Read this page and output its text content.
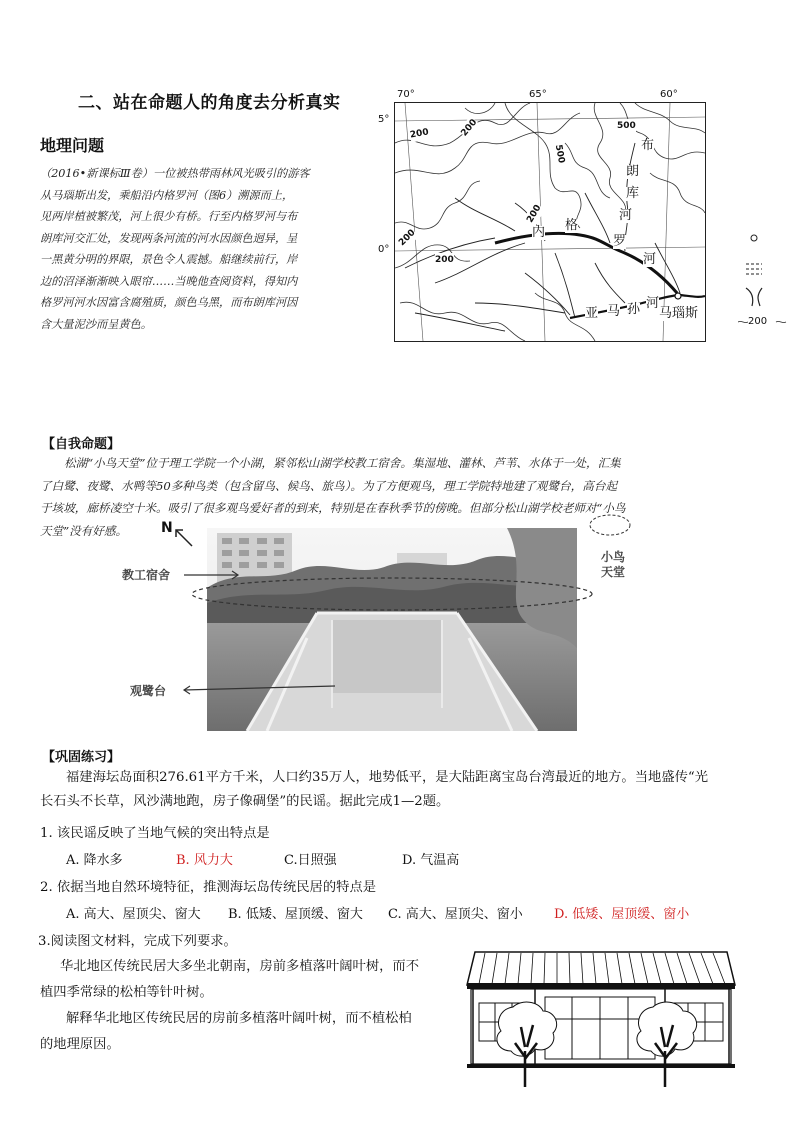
二、站在命题人的角度去分析真实
地理问题
（2016•新课标Ⅲ卷）一位被热带雨林风光吸引的游客
从马瑙斯出发，乘船沿内格罗河（图6）溯源而上，
见两岸植被繁茂，河上很少有桥。行至内格罗河与布
朗库河交汇处，发现两条河流的河水因颜色迥异，呈
一黑黄分明的界限，景色令人震撼。船继续前行，岸
边的沼泽渐渐映入眼帘……当晚他查阅资料，得知内
格罗河河水因富含腐殖质，颜色乌黑，而布朗库河因
含大量泥沙而呈黄色。
70°	65°	60°
5°
0°
200	200	500
500
200
200
200
布
朗
库
河
内 格
罗
河
亚 马 孙 河
马瑙斯
200
【自我命题】
松湖“小鸟天堂”位于理工学院一个小湖，紧邻松山湖学校教工宿舍。集湿地、灌林、芦苇、水体于一处，汇集
了白鹭、夜鹭、水鸭等50多种鸟类（包含留鸟、候鸟、旅鸟）。为了方便观鸟，理工学院特地建了观鹭台，高台起
于垓坡，廊桥凌空十米。吸引了很多观鸟爱好者的到来，特别是在春秋季节的傍晚。但部分松山湖学校老师对“小鸟
天堂”没有好感。	N
教工宿舍
小鸟
天堂
观鹭台
【巩固练习】
福建海坛岛面积276.61平方千米，人口约35万人，地势低平，是大陆距离宝岛台湾最近的地方。当地盛传“光
长石头不长草，风沙满地跑，房子像碉堡”的民谣。据此完成1—2题。
1. 该民谣反映了当地气候的突出特点是
A. 降水多	B. 风力大	C.日照强	D. 气温高
2. 依据当地自然环境特征，推测海坛岛传统民居的特点是
A. 高大、屋顶尖、窗大 B. 低矮、屋顶缓、窗大 C. 高大、屋顶尖、窗小 D. 低矮、屋顶缓、窗小
3.阅读图文材料，完成下列要求。
华北地区传统民居大多坐北朝南，房前多植落叶阔叶树，而不
植四季常绿的松柏等针叶树。
解释华北地区传统民居的房前多植落叶阔叶树，而不植松柏
的地理原因。
